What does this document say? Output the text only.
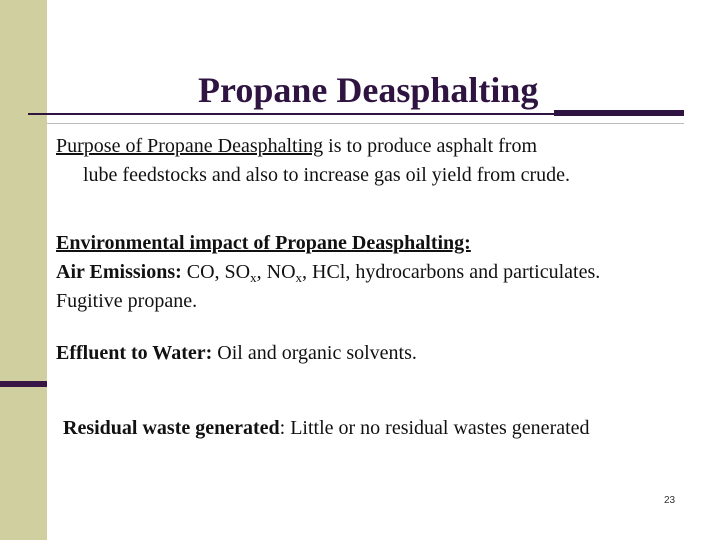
Propane Deasphalting
Purpose of Propane Deasphalting is to produce asphalt from
lube feedstocks and also to increase gas oil yield from crude.
Environmental impact of Propane Deasphalting:
Air Emissions: CO, $SO_x$, $NO_x$, HCl, hydrocarbons and particulates.
Fugitive propane.
Effluent to Water: Oil and organic solvents.
Residual waste generated: Little or no residual wastes generated
23
